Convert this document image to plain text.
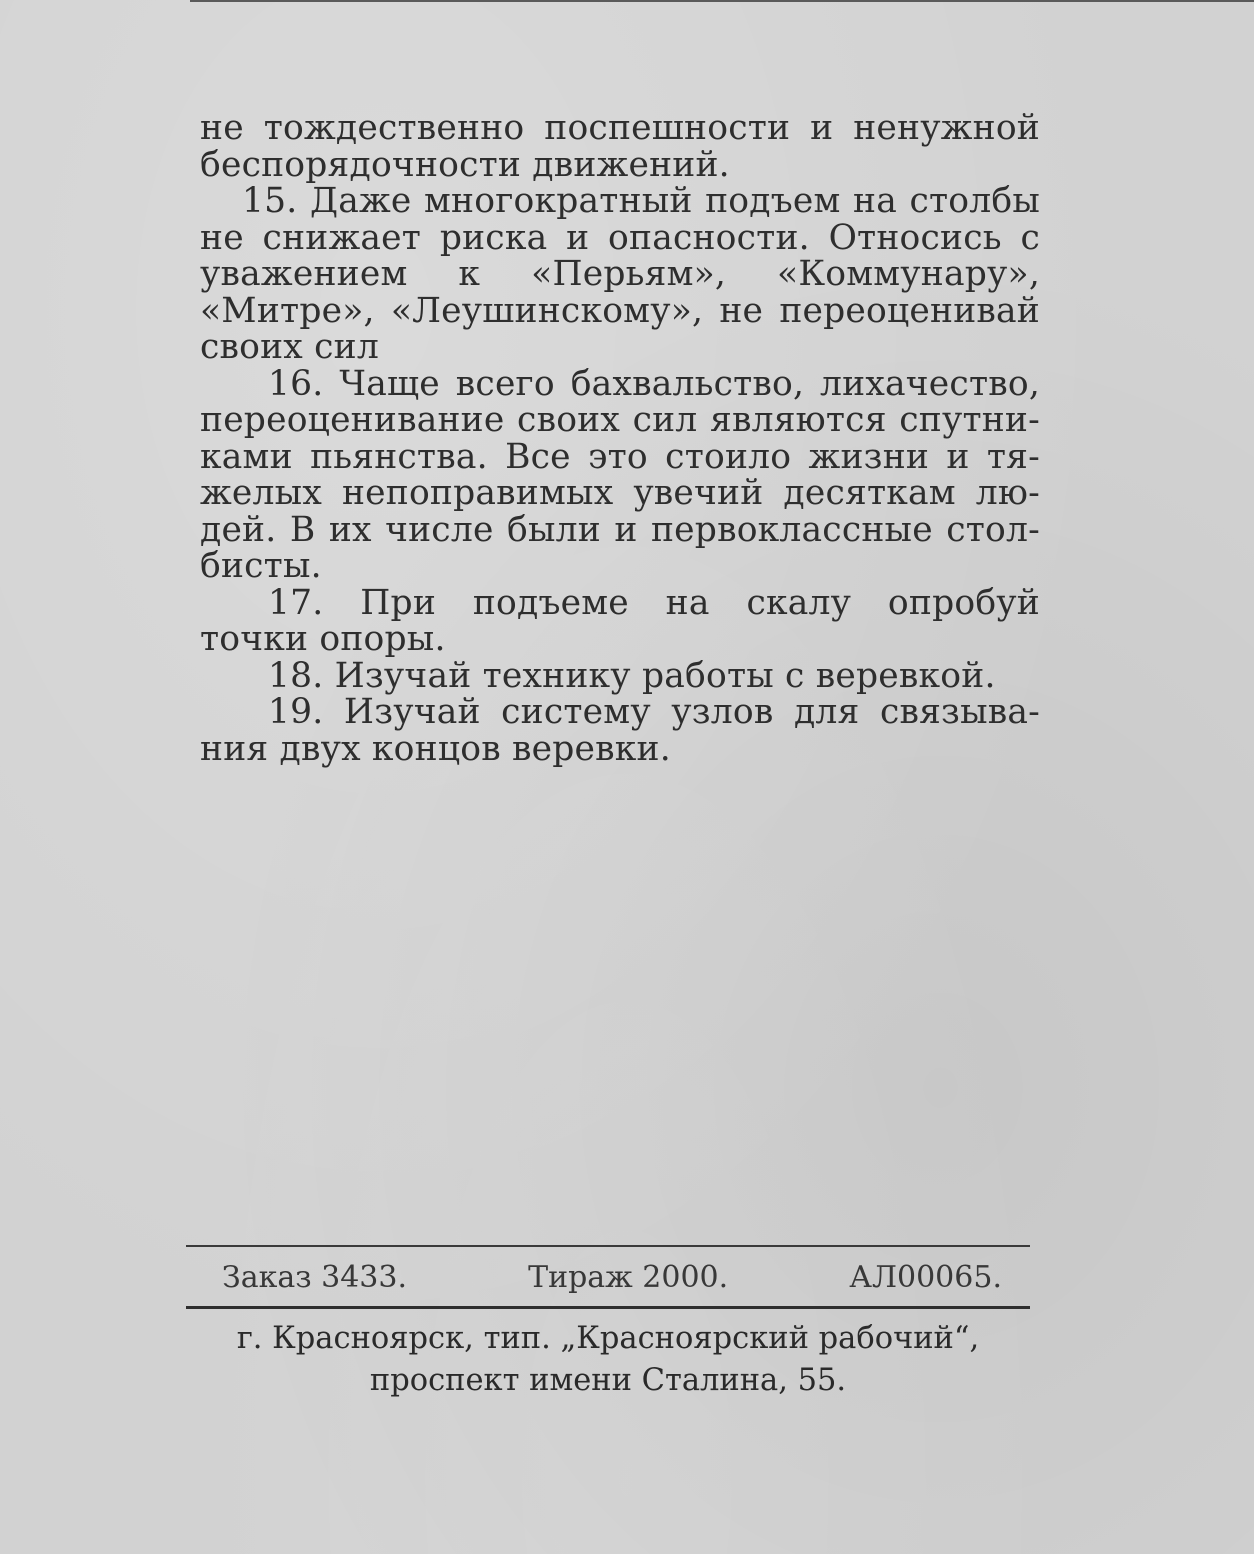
не тождественно поспешности и ненужной
беспорядочности движений.
15. Даже многократный подъем на столбы
не снижает риска и опасности. Относись с
уважением к «Перьям», «Коммунару»,
«Митре», «Леушинскому», не переоценивай
своих сил
16. Чаще всего бахвальство, лихачество,
переоценивание своих сил являются спутни-
ками пьянства. Все это стоило жизни и тя-
желых непоправимых увечий десяткам лю-
дей. В их числе были и первоклассные стол-
бисты.
17. При подъеме на скалу опробуй
точки опоры.
18. Изучай технику работы с веревкой.
19. Изучай систему узлов для связыва-
ния двух концов веревки.
Заказ 3433.	Тираж 2000.	АЛ00065.
г. Красноярск, тип. „Красноярский рабочий“,
проспект имени Сталина, 55.
